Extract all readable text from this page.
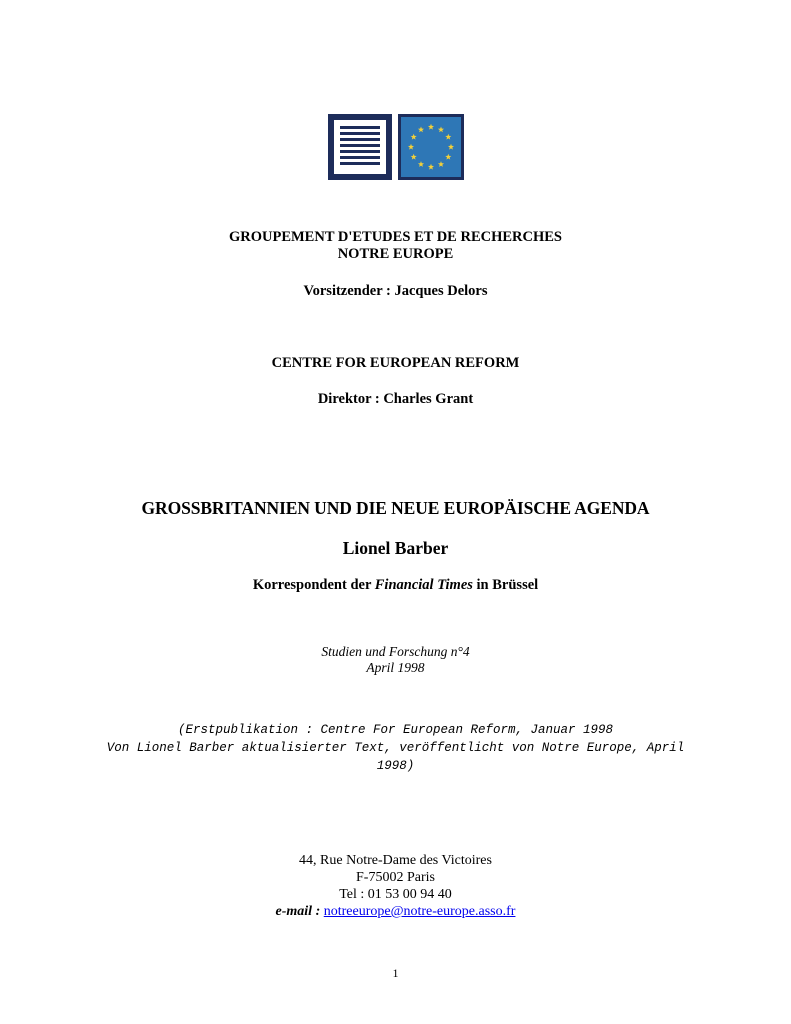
GROUPEMENT D'ETUDES ET DE RECHERCHES
NOTRE EUROPE
Vorsitzender : Jacques Delors
CENTRE FOR EUROPEAN REFORM
Direktor : Charles Grant
GROSSBRITANNIEN UND DIE NEUE EUROPÄISCHE AGENDA
Lionel Barber
Korrespondent der Financial Times in Brüssel
Studien und Forschung n°4
April 1998
(Erstpublikation : Centre For European Reform, Januar 1998
Von Lionel Barber aktualisierter Text, veröffentlicht von Notre Europe, April
1998)
44, Rue Notre-Dame des Victoires
F-75002 Paris
Tel : 01 53 00 94 40
e-mail : notreeurope@notre-europe.asso.fr
1
